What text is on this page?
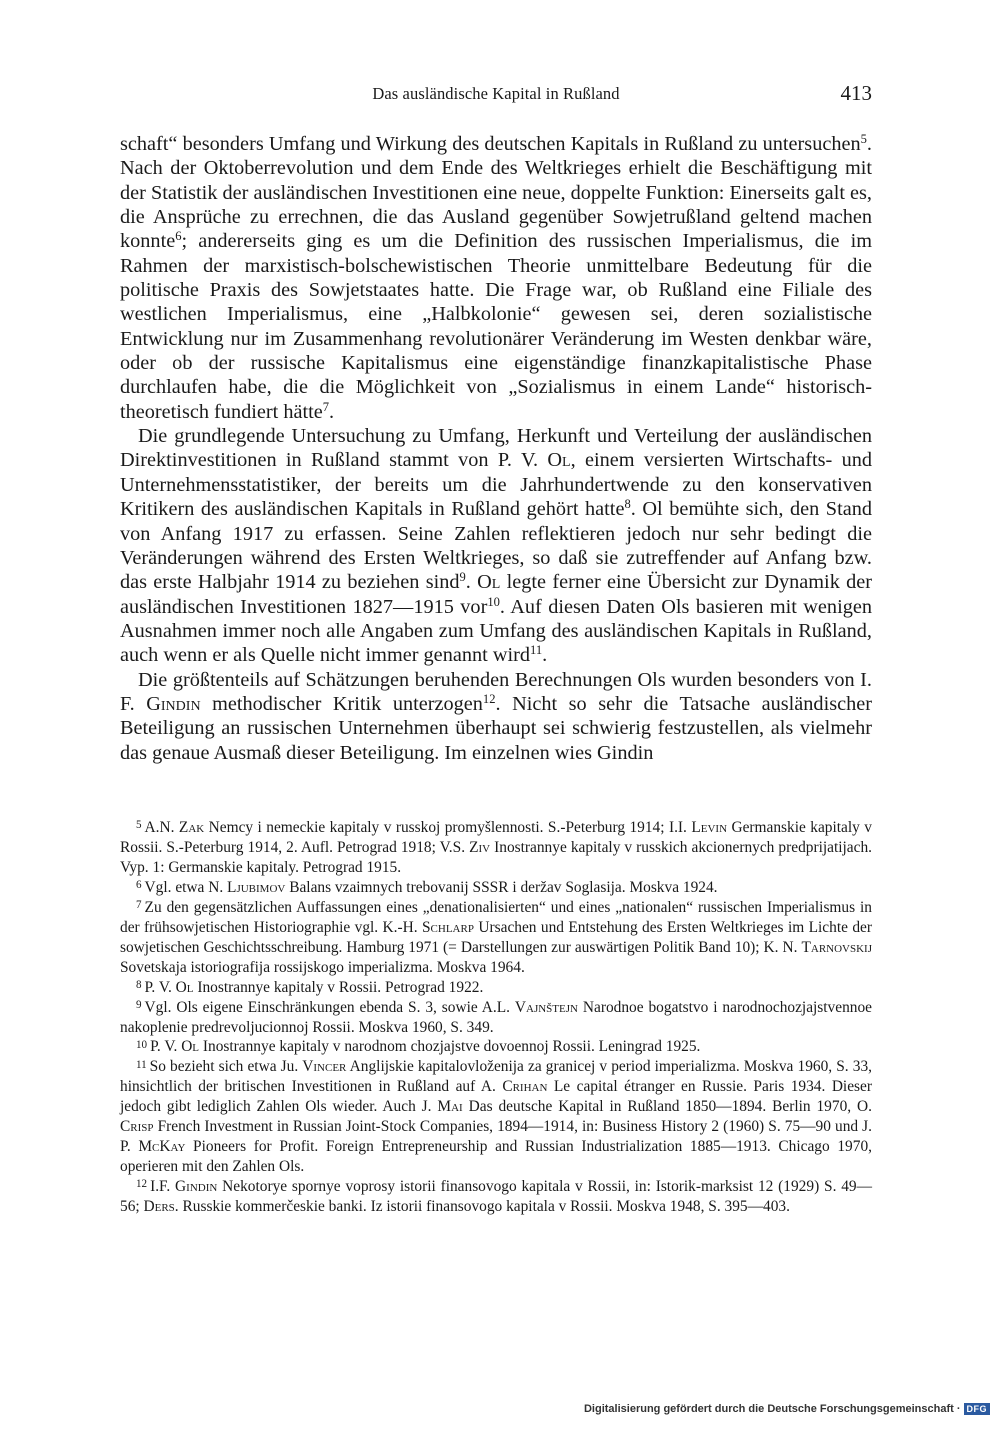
Das ausländische Kapital in Rußland	413

schaft“ besonders Umfang und Wirkung des deutschen Kapitals in Rußland zu untersuchen$^5$. Nach der Oktoberrevolution und dem Ende des Weltkrieges erhielt die Beschäftigung mit der Statistik der ausländischen Investitionen eine neue, doppelte Funktion: Einerseits galt es, die Ansprüche zu errechnen, die das Ausland gegenüber Sowjetrußland geltend machen konnte$^6$; andererseits ging es um die Definition des russischen Imperialismus, die im Rahmen der marxistisch-bolschewistischen Theorie unmittelbare Bedeutung für die politische Praxis des Sowjetstaates hatte. Die Frage war, ob Rußland eine Filiale des westlichen Imperialismus, eine „Halbkolonie“ gewesen sei, deren sozialistische Entwicklung nur im Zusammenhang revolutionärer Veränderung im Westen denkbar wäre, oder ob der russische Kapitalismus eine eigenständige finanzkapitalistische Phase durchlaufen habe, die die Möglichkeit von „Sozialismus in einem Lande“ historisch-theoretisch fundiert hätte$^7$.

Die grundlegende Untersuchung zu Umfang, Herkunft und Verteilung der ausländischen Direktinvestitionen in Rußland stammt von P. V. Ol, einem versierten Wirtschafts- und Unternehmensstatistiker, der bereits um die Jahrhundertwende zu den konservativen Kritikern des ausländischen Kapitals in Rußland gehört hatte$^8$. Ol bemühte sich, den Stand von Anfang 1917 zu erfassen. Seine Zahlen reflektieren jedoch nur sehr bedingt die Veränderungen während des Ersten Weltkrieges, so daß sie zutreffender auf Anfang bzw. das erste Halbjahr 1914 zu beziehen sind$^9$. Ol legte ferner eine Übersicht zur Dynamik der ausländischen Investitionen 1827—1915 vor$^{10}$. Auf diesen Daten Ols basieren mit wenigen Ausnahmen immer noch alle Angaben zum Umfang des ausländischen Kapitals in Rußland, auch wenn er als Quelle nicht immer genannt wird$^{11}$.

Die größtenteils auf Schätzungen beruhenden Berechnungen Ols wurden besonders von I. F. Gindin methodischer Kritik unterzogen$^{12}$. Nicht so sehr die Tatsache ausländischer Beteiligung an russischen Unternehmen überhaupt sei schwierig festzustellen, als vielmehr das genaue Ausmaß dieser Beteiligung. Im einzelnen wies Gindin

$^5$ A.N. Zak Nemcy i nemeckie kapitaly v russkoj promyšlennosti. S.-Peterburg 1914; I.I. Levin Germanskie kapitaly v Rossii. S.-Peterburg 1914, 2. Aufl. Petrograd 1918; V.S. Ziv Inostrannye kapitaly v russkich akcionernych predprijatijach. Vyp. 1: Germanskie kapitaly. Petrograd 1915.

$^6$ Vgl. etwa N. Ljubimov Balans vzaimnych trebovanij SSSR i deržav Soglasija. Moskva 1924.

$^7$ Zu den gegensätzlichen Auffassungen eines „denationalisierten“ und eines „nationalen“ russischen Imperialismus in der frühsowjetischen Historiographie vgl. K.-H. Schlarp Ursachen und Entstehung des Ersten Weltkrieges im Lichte der sowjetischen Geschichtsschreibung. Hamburg 1971 (= Darstellungen zur auswärtigen Politik Band 10); K. N. Tarnovskij Sovetskaja istoriografija rossijskogo imperializma. Moskva 1964.

$^8$ P. V. Ol Inostrannye kapitaly v Rossii. Petrograd 1922.

$^9$ Vgl. Ols eigene Einschränkungen ebenda S. 3, sowie A.L. Vajnštejn Narodnoe bogatstvo i narodnochozjajstvennoe nakoplenie predrevoljucionnoj Rossii. Moskva 1960, S. 349.

$^{10}$ P. V. Ol Inostrannye kapitaly v narodnom chozjajstve dovoennoj Rossii. Leningrad 1925.

$^{11}$ So bezieht sich etwa Ju. Vincer Anglijskie kapitalovloženija za granicej v period imperializma. Moskva 1960, S. 33, hinsichtlich der britischen Investitionen in Rußland auf A. Crihan Le capital étranger en Russie. Paris 1934. Dieser jedoch gibt lediglich Zahlen Ols wieder. Auch J. Mai Das deutsche Kapital in Rußland 1850—1894. Berlin 1970, O. Crisp French Investment in Russian Joint-Stock Companies, 1894—1914, in: Business History 2 (1960) S. 75—90 und J. P. McKay Pioneers for Profit. Foreign Entrepreneurship and Russian Industrialization 1885—1913. Chicago 1970, operieren mit den Zahlen Ols.

$^{12}$ I.F. Gindin Nekotorye spornye voprosy istorii finansovogo kapitala v Rossii, in: Istorik-marksist 12 (1929) S. 49—56; Ders. Russkie kommerčeskie banki. Iz istorii finansovogo kapitala v Rossii. Moskva 1948, S. 395—403.

Digitalisierung gefördert durch die Deutsche Forschungsgemeinschaft · DFG
